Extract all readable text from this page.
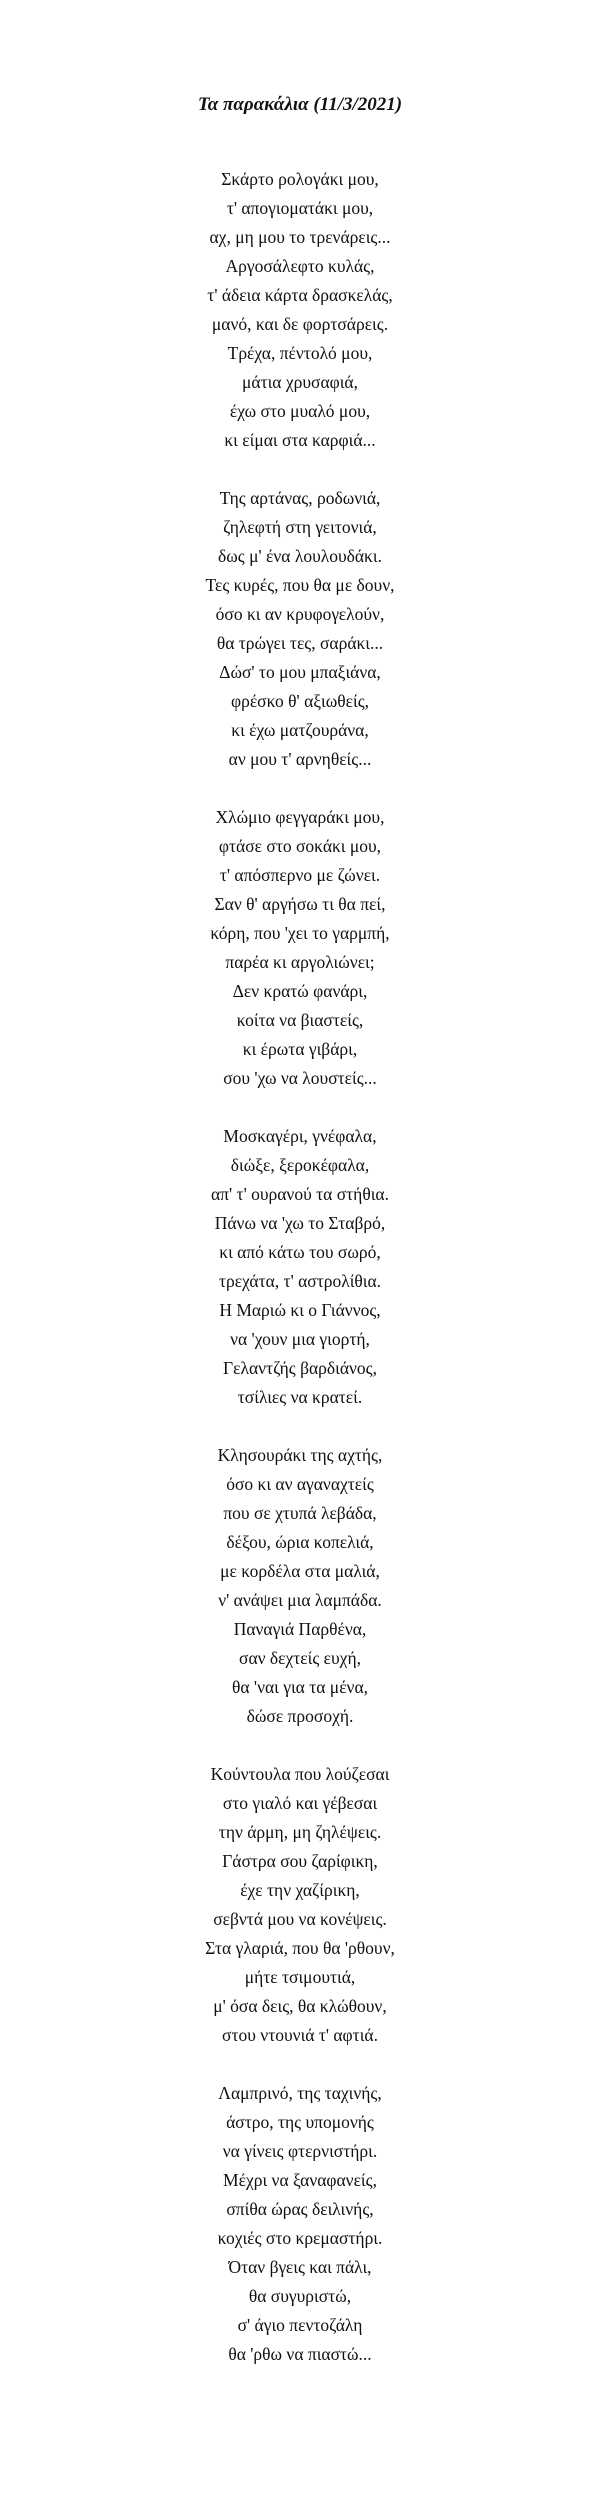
Τα παρακάλια (11/3/2021)
Σκάρτο ρολογάκι μου,
τ' απογιοματάκι μου,
αχ, μη μου το τρενάρεις...
Αργοσάλεφτο κυλάς,
τ' άδεια κάρτα δρασκελάς,
μανό, και δε φορτσάρεις.
Τρέχα, πέντολό μου,
μάτια χρυσαφιά,
έχω στο μυαλό μου,
κι είμαι στα καρφιά...
Της αρτάνας, ροδωνιά,
ζηλεφτή στη γειτονιά,
δως μ' ένα λουλουδάκι.
Τες κυρές, που θα με δουν,
όσο κι αν κρυφογελούν,
θα τρώγει τες, σαράκι...
Δώσ' το μου μπαξιάνα,
φρέσκο θ' αξιωθείς,
κι έχω ματζουράνα,
αν μου τ' αρνηθείς...
Χλώμιο φεγγαράκι μου,
φτάσε στο σοκάκι μου,
τ' απόσπερνο με ζώνει.
Σαν θ' αργήσω τι θα πεί,
κόρη, που 'χει το γαρμπή,
παρέα κι αργολιώνει;
Δεν κρατώ φανάρι,
κοίτα να βιαστείς,
κι έρωτα γιβάρι,
σου 'χω να λουστείς...
Μοσκαγέρι, γνέφαλα,
διώξε, ξεροκέφαλα,
απ' τ' ουρανού τα στήθια.
Πάνω να 'χω το Σταβρό,
κι από κάτω του σωρό,
τρεχάτα, τ' αστρολίθια.
Η Μαριώ κι ο Γιάννος,
να 'χουν μια γιορτή,
Γελαντζής βαρδιάνος,
τσίλιες να κρατεί.
Κλησουράκι της αχτής,
όσο κι αν αγαναχτείς
που σε χτυπά λεβάδα,
δέξου, ώρια κοπελιά,
με κορδέλα στα μαλιά,
ν' ανάψει μια λαμπάδα.
Παναγιά Παρθένα,
σαν δεχτείς ευχή,
θα 'ναι για τα μένα,
δώσε προσοχή.
Κούντουλα που λούζεσαι
στο γιαλό και γέβεσαι
την άρμη, μη ζηλέψεις.
Γάστρα σου ζαρίφικη,
έχε την χαζίρικη,
σεβντά μου να κονέψεις.
Στα γλαριά, που θα 'ρθουν,
μήτε τσιμουτιά,
μ' όσα δεις, θα κλώθουν,
στου ντουνιά τ' αφτιά.
Λαμπρινό, της ταχινής,
άστρο, της υπομονής
να γίνεις φτερνιστήρι.
Μέχρι να ξαναφανείς,
σπίθα ώρας δειλινής,
κοχιές στο κρεμαστήρι.
Όταν βγεις και πάλι,
θα συγυριστώ,
σ' άγιο πεντοζάλη
θα 'ρθω να πιαστώ...
